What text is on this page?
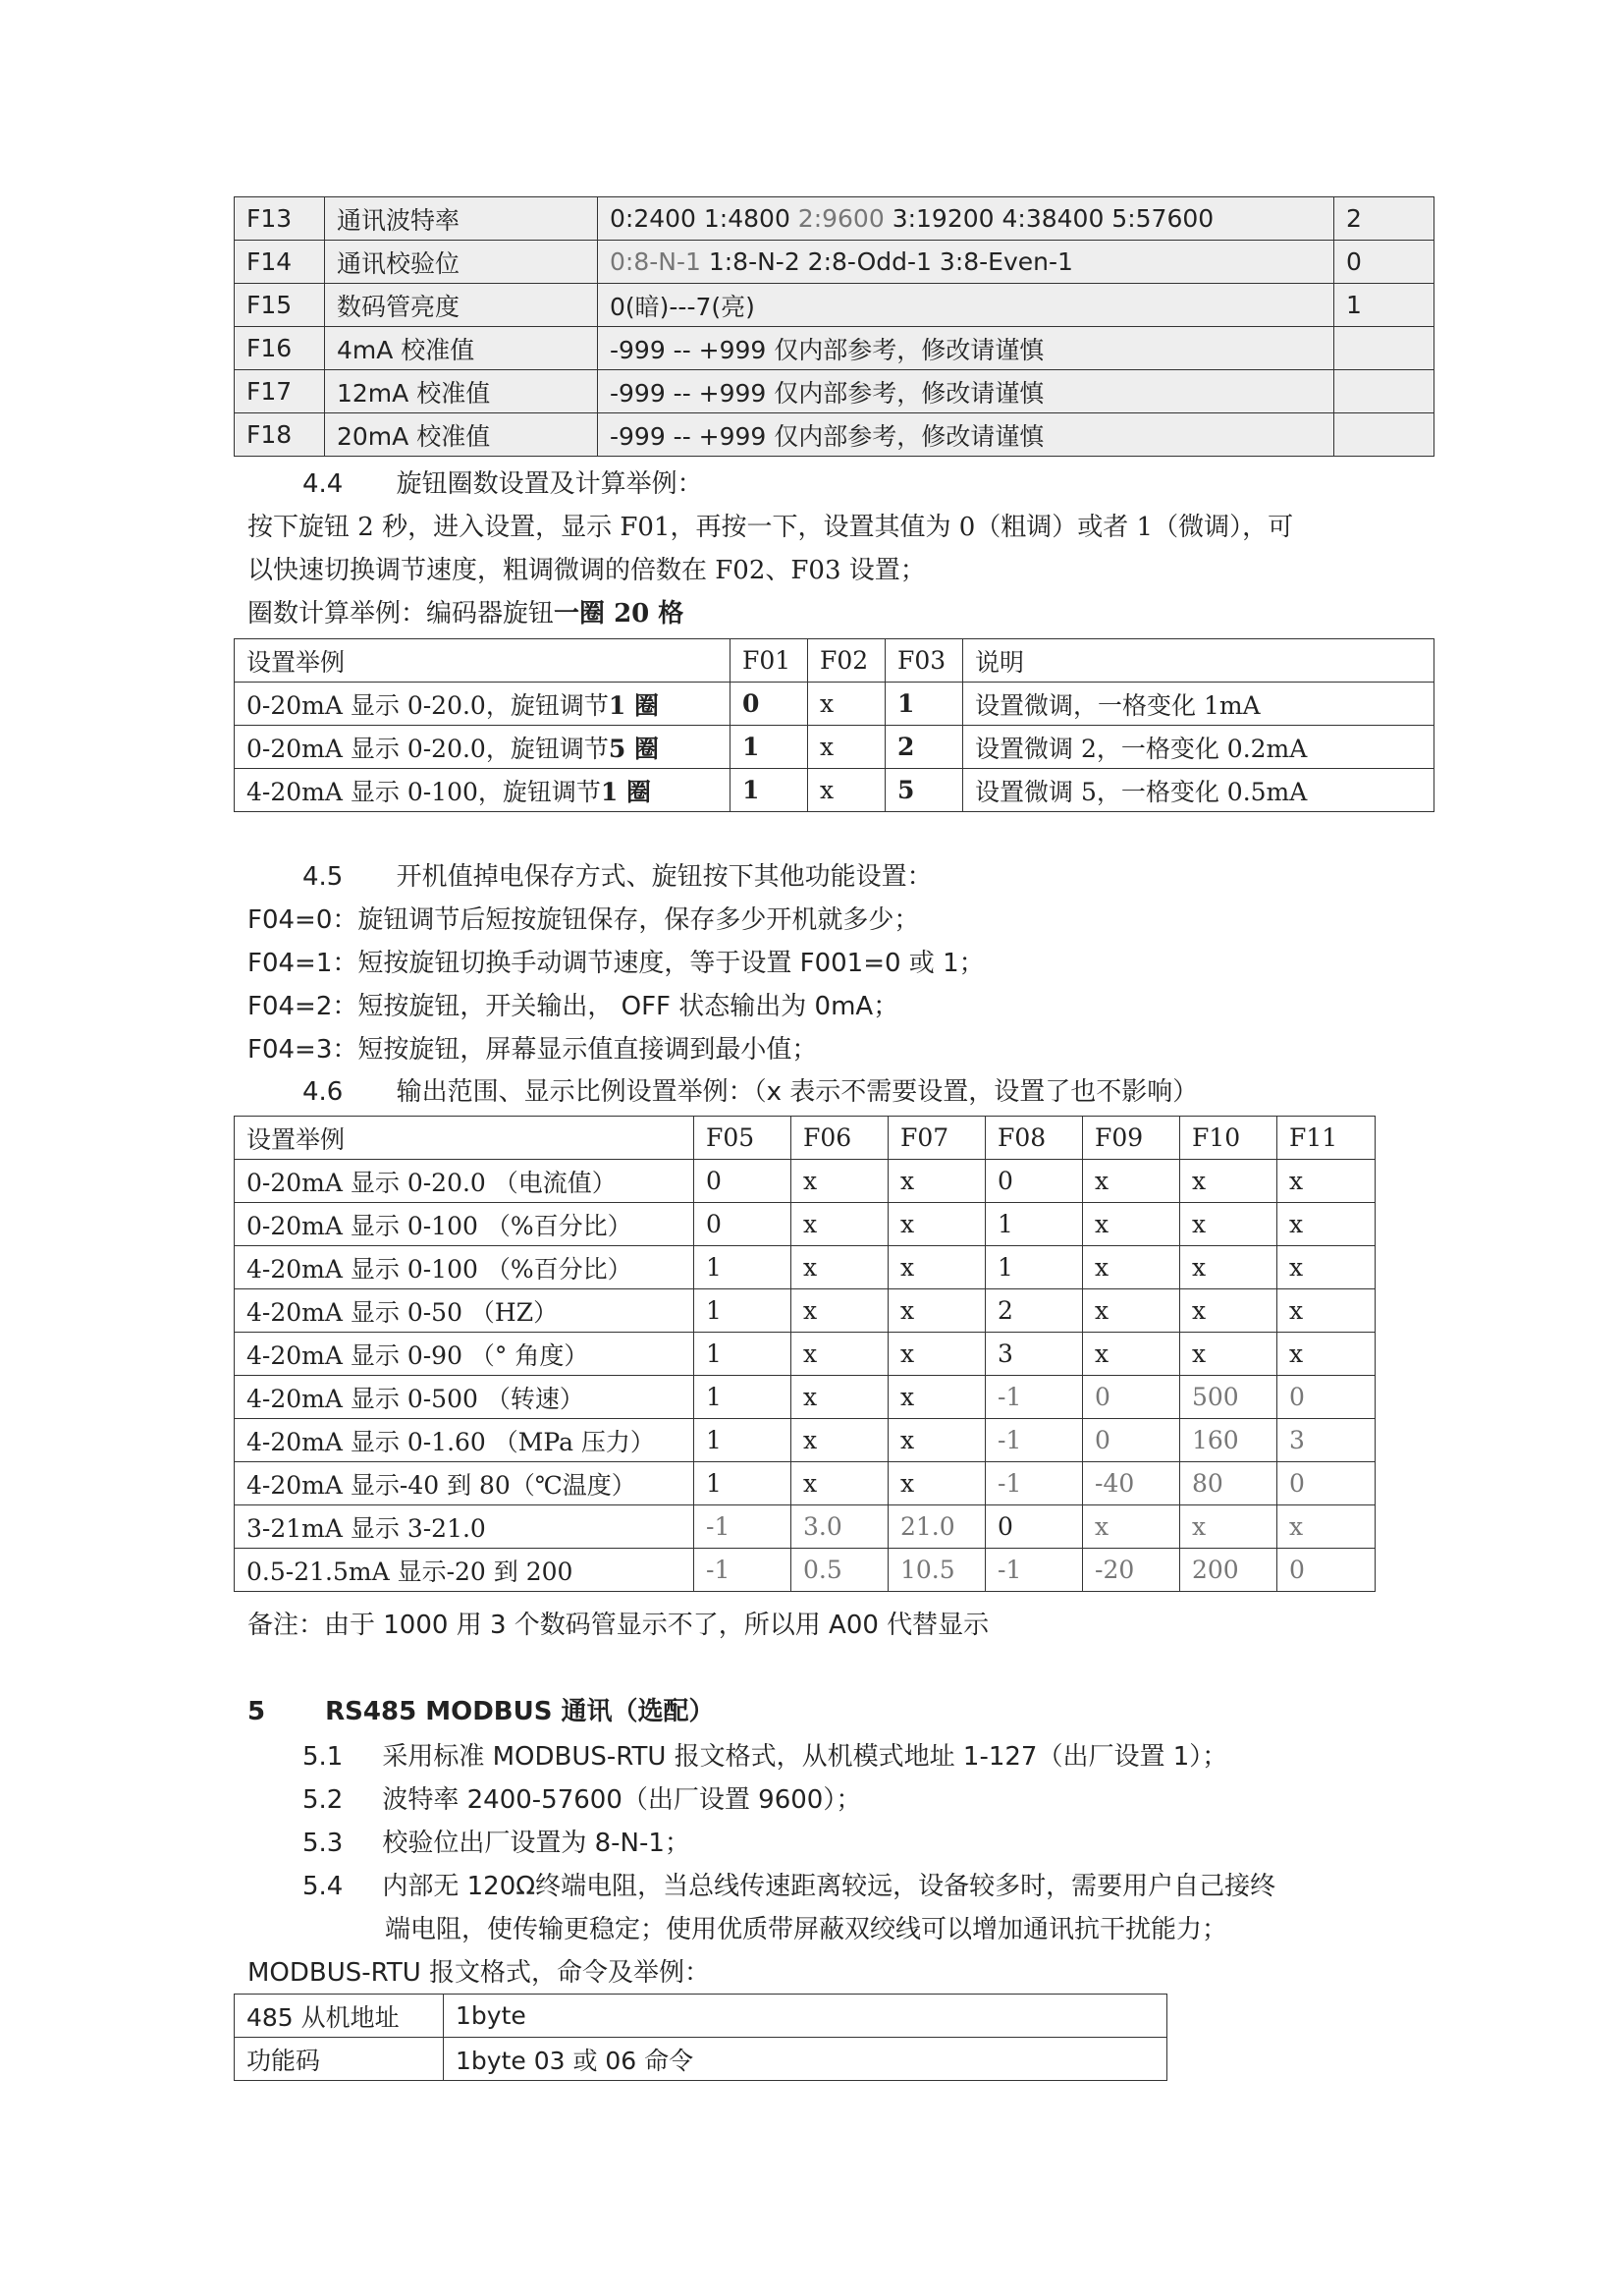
F13	通讯波特率	0:2400 1:4800 2:9600 3:19200 4:38400 5:57600	2
F14	通讯校验位	0:8-N-1 1:8-N-2 2:8-Odd-1 3:8-Even-1	0
F15	数码管亮度	0(暗)---7(亮)	1
F16	4mA 校准值	-999 -- +999 仅内部参考，修改请谨慎	
F17	12mA 校准值	-999 -- +999 仅内部参考，修改请谨慎	
F18	20mA 校准值	-999 -- +999 仅内部参考，修改请谨慎	
4.4 旋钮圈数设置及计算举例：
按下旋钮 2 秒，进入设置，显示 F01，再按一下，设置其值为 0（粗调）或者 1（微调），可
以快速切换调节速度，粗调微调的倍数在 F02、F03 设置；
圈数计算举例：编码器旋钮一圈 20 格
设置举例	F01	F02	F03	说明
0-20mA 显示 0-20.0，旋钮调节1 圈	0	x	1	设置微调，一格变化 1mA
0-20mA 显示 0-20.0，旋钮调节5 圈	1	x	2	设置微调 2，一格变化 0.2mA
4-20mA 显示 0-100，旋钮调节1 圈	1	x	5	设置微调 5，一格变化 0.5mA
4.5 开机值掉电保存方式、旋钮按下其他功能设置：
F04=0：旋钮调节后短按旋钮保存，保存多少开机就多少；
F04=1：短按旋钮切换手动调节速度，等于设置 F001=0 或 1；
F04=2：短按旋钮，开关输出， OFF 状态输出为 0mA；
F04=3：短按旋钮，屏幕显示值直接调到最小值；
4.6 输出范围、显示比例设置举例：（x 表示不需要设置，设置了也不影响）
设置举例	F05	F06	F07	F08	F09	F10	F11
0-20mA 显示 0-20.0 （电流值）	0	x	x	0	x	x	x
0-20mA 显示 0-100 （%百分比）	0	x	x	1	x	x	x
4-20mA 显示 0-100 （%百分比）	1	x	x	1	x	x	x
4-20mA 显示 0-50 （HZ）	1	x	x	2	x	x	x
4-20mA 显示 0-90 （° 角度）	1	x	x	3	x	x	x
4-20mA 显示 0-500 （转速）	1	x	x	-1	0	500	0
4-20mA 显示 0-1.60 （MPa 压力）	1	x	x	-1	0	160	3
4-20mA 显示-40 到 80（℃温度）	1	x	x	-1	-40	80	0
3-21mA 显示 3-21.0	-1	3.0	21.0	0	x	x	x
0.5-21.5mA 显示-20 到 200	-1	0.5	10.5	-1	-20	200	0
备注：由于 1000 用 3 个数码管显示不了，所以用 A00 代替显示
5 RS485 MODBUS 通讯（选配）
5.1 采用标准 MODBUS-RTU 报文格式，从机模式地址 1-127（出厂设置 1）；
5.2 波特率 2400-57600（出厂设置 9600）；
5.3 校验位出厂设置为 8-N-1；
5.4 内部无 120Ω终端电阻，当总线传速距离较远，设备较多时，需要用户自己接终
端电阻，使传输更稳定；使用优质带屏蔽双绞线可以增加通讯抗干扰能力；
MODBUS-RTU 报文格式，命令及举例：
485 从机地址	1byte
功能码	1byte 03 或 06 命令
